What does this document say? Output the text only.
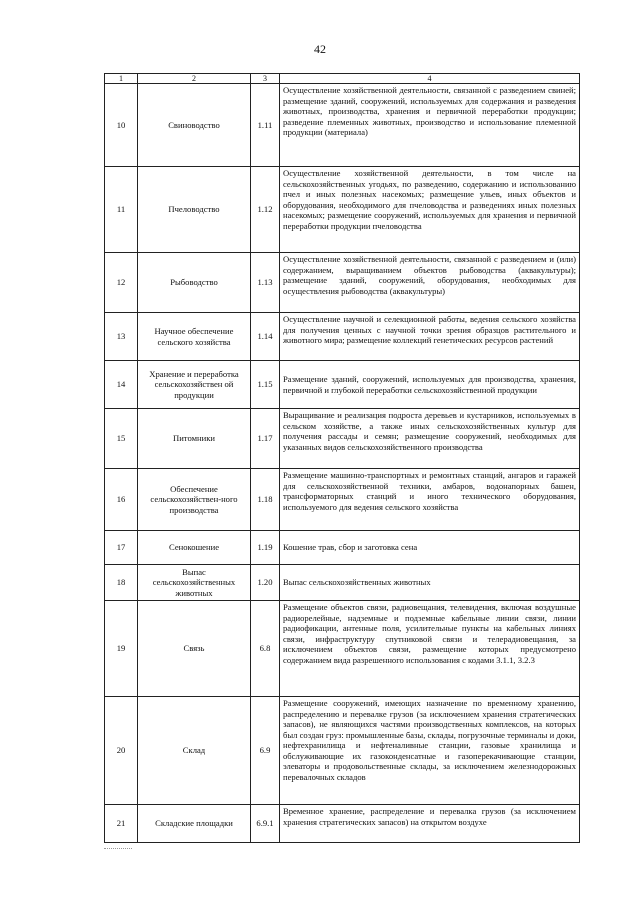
42
1	2	3	4
10	Свиноводство	1.11	Осуществление хозяйственной деятельности, связанной с разведением свиней; размещение зданий, сооружений, используемых для содержания и разведения животных, производства, хранения и первичной переработки продукции; разведение племенных животных, производство и использование племенной продукции (материала)
11	Пчеловодство	1.12	Осуществление хозяйственной деятельности, в том числе на сельскохозяйственных угодьях, по разведению, содержанию и использованию пчел и иных полезных насекомых; размещение ульев, иных объектов и оборудования, необходимого для пчеловодства и разведениях иных полезных насекомых; размещение сооружений, используемых для хранения и первичной переработки продукции пчеловодства
12	Рыбоводство	1.13	Осуществление хозяйственной деятельности, связанной с разведением и (или) содержанием, выращиванием объектов рыбоводства (аквакультуры); размещение зданий, сооружений, оборудования, необходимых для осуществления рыбоводства (аквакультуры)
13	Научное обеспечение сельского хозяйства	1.14	Осуществление научной и селекционной работы, ведения сельского хозяйства для получения ценных с научной точки зрения образцов растительного и животного мира; размещение коллекций генетических ресурсов растений
14	Хранение и переработка сельскохозяйствен ой продукции	1.15	Размещение зданий, сооружений, используемых для производства, хранения, первичной и глубокой переработки сельскохозяйственной продукции
15	Питомники	1.17	Выращивание и реализация подроста деревьев и кустарников, используемых в сельском хозяйстве, а также иных сельскохозяйственных культур для получения рассады и семян; размещение сооружений, необходимых для указанных видов сельскохозяйственного производства
16	Обеспечение сельскохозяйствен-ного производства	1.18	Размещение машинно-транспортных и ремонтных станций, ангаров и гаражей для сельскохозяйственной техники, амбаров, водонапорных башен, трансформаторных станций и иного технического оборудования, используемого для ведения сельского хозяйства
17	Сенокошение	1.19	Кошение трав, сбор и заготовка сена
18	Выпас сельскохозяйственных животных	1.20	Выпас сельскохозяйственных животных
19	Связь	6.8	Размещение объектов связи, радиовещания, телевидения, включая воздушные радиорелейные, надземные и подземные кабельные линии связи, линии радиофикации, антенные поля, усилительные пункты на кабельных линиях связи, инфраструктуру спутниковой связи и телерадиовещания, за исключением объектов связи, размещение которых предусмотрено содержанием вида разрешенного использования с кодами 3.1.1, 3.2.3
20	Склад	6.9	Размещение сооружений, имеющих назначение по временному хранению, распределению и перевалке грузов (за исключением хранения стратегических запасов), не являющихся частями производственных комплексов, на которых был создан груз: промышленные базы, склады, погрузочные терминалы и доки, нефтехранилища и нефтеналивные станции, газовые хранилища и обслуживающие их газоконденсатные и газоперекачивающие станции, элеваторы и продовольственные склады, за исключением железнодорожных перевалочных складов
21	Складские площадки	6.9.1	Временное хранение, распределение и перевалка грузов (за исключением хранения стратегических запасов) на открытом воздухе
